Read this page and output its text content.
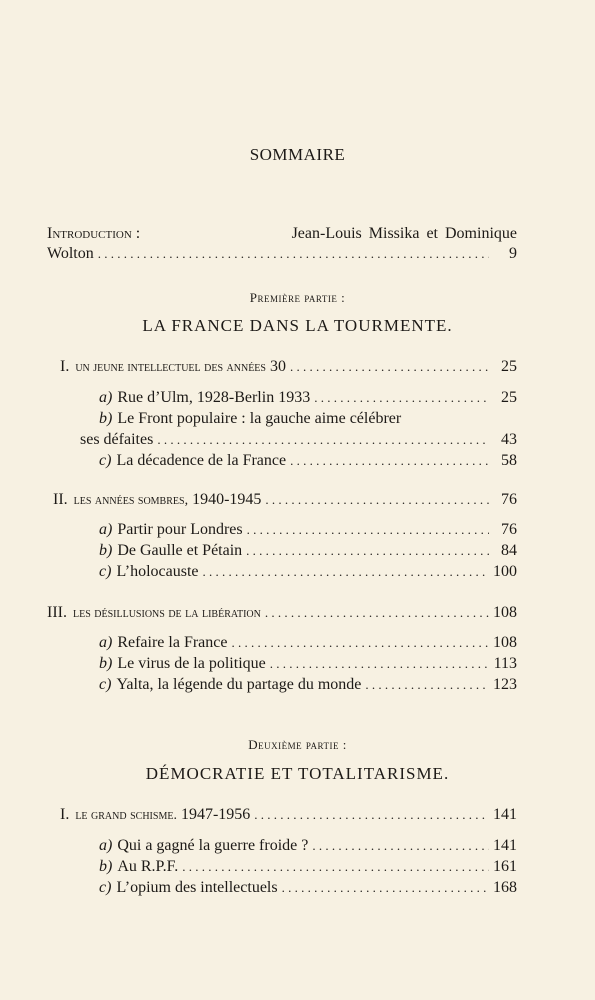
SOMMAIRE
Introduction :	Jean-Louis Missika et Dominique
Wolton . . .	9
Première partie :
LA FRANCE DANS LA TOURMENTE.
I. un jeune intellectuel des années 30 . . .	25
a) Rue d’Ulm, 1928-Berlin 1933 . . .	25
b) Le Front populaire : la gauche aime célébrer
ses défaites . . .	43
c) La décadence de la France . . .	58
II. les années sombres, 1940-1945 . . .	76
a) Partir pour Londres . . .	76
b) De Gaulle et Pétain . . .	84
c) L’holocauste . . .	100
III. les désillusions de la libération . . .	108
a) Refaire la France . . .	108
b) Le virus de la politique . . .	113
c) Yalta, la légende du partage du monde . . .	123
Deuxième partie :
DÉMOCRATIE ET TOTALITARISME.
I. le grand schisme. 1947-1956 . . .	141
a) Qui a gagné la guerre froide ? . . .	141
b) Au R.P.F. . . .	161
c) L’opium des intellectuels . . .	168
